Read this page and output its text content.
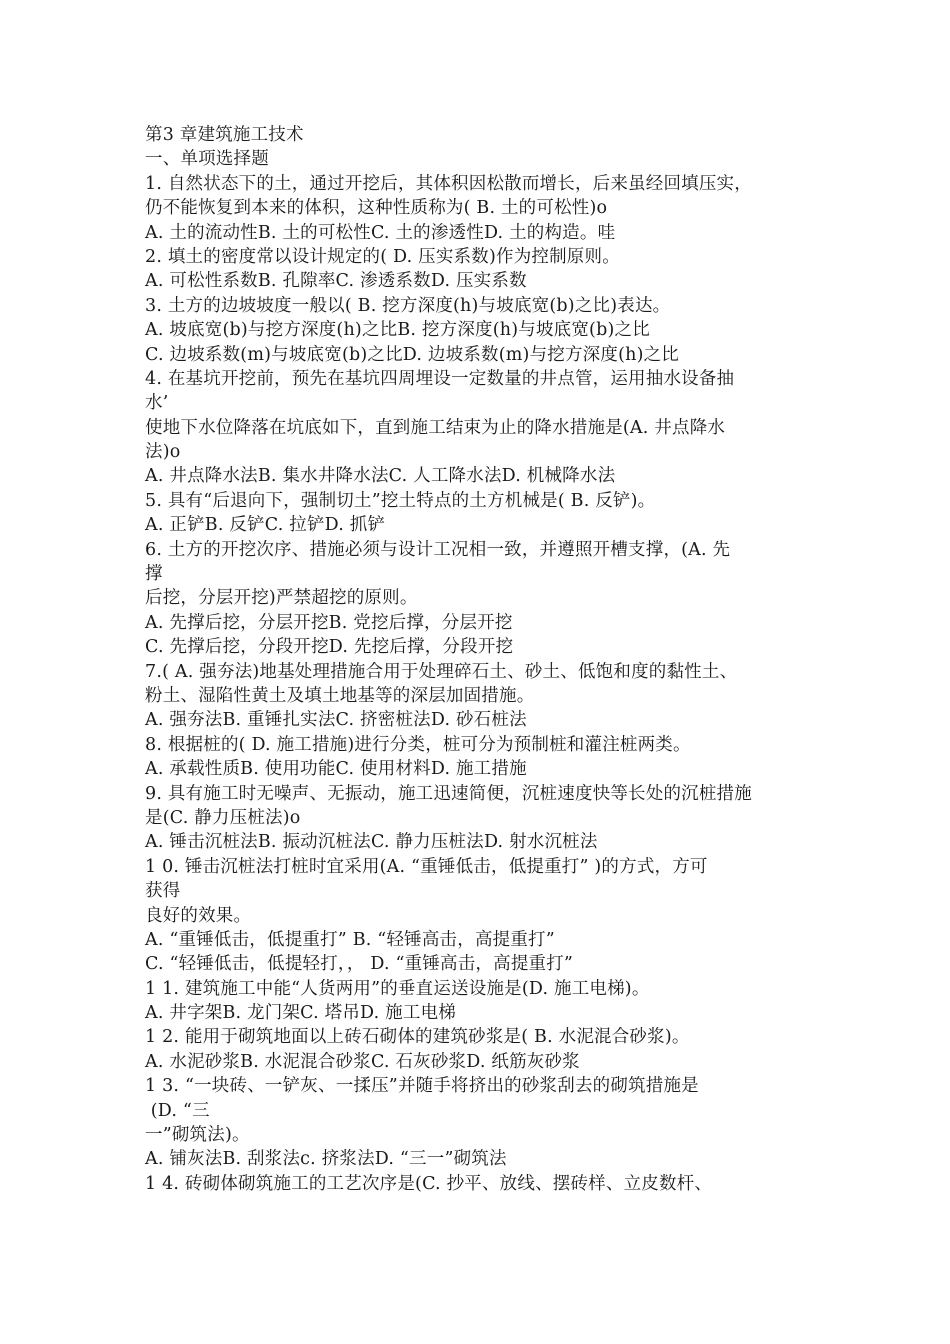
第3 章建筑施工技术
一、单项选择题
1. 自然状态下的土，通过开挖后，其体积因松散而增长，后来虽经回填压实，
仍不能恢复到本来的体积，这种性质称为( B. 土的可松性)o
A. 土的流动性B. 土的可松性C. 土的渗透性D. 土的构造。哇
2. 填土的密度常以设计规定的( D. 压实系数)作为控制原则。
A. 可松性系数B. 孔隙率C. 渗透系数D. 压实系数
3. 土方的边坡坡度一般以( B. 挖方深度(h)与坡底宽(b)之比)表达。
A. 坡底宽(b)与挖方深度(h)之比B. 挖方深度(h)与坡底宽(b)之比
C. 边坡系数(m)与坡底宽(b)之比D. 边坡系数(m)与挖方深度(h)之比
4. 在基坑开挖前，预先在基坑四周埋设一定数量的井点管，运用抽水设备抽
水’
使地下水位降落在坑底如下，直到施工结束为止的降水措施是(A. 井点降水
法)o
A. 井点降水法B. 集水井降水法C. 人工降水法D. 机械降水法
5. 具有“后退向下，强制切土”挖土特点的土方机械是( B. 反铲)。
A. 正铲B. 反铲C. 拉铲D. 抓铲
6. 土方的开挖次序、措施必须与设计工况相一致，并遵照开槽支撑，(A. 先
撑
后挖，分层开挖)严禁超挖的原则。
A. 先撑后挖，分层开挖B. 党挖后撑，分层开挖
C. 先撑后挖，分段开挖D. 先挖后撑，分段开挖
7.( A. 强夯法)地基处理措施合用于处理碎石土、砂土、低饱和度的黏性土、
粉土、湿陷性黄土及填土地基等的深层加固措施。
A. 强夯法B. 重锤扎实法C. 挤密桩法D. 砂石桩法
8. 根据桩的( D. 施工措施)进行分类，桩可分为预制桩和灌注桩两类。
A. 承载性质B. 使用功能C. 使用材料D. 施工措施
9. 具有施工时无噪声、无振动，施工迅速简便，沉桩速度快等长处的沉桩措施
是(C. 静力压桩法)o
A. 锤击沉桩法B. 振动沉桩法C. 静力压桩法D. 射水沉桩法
1 0. 锤击沉桩法打桩时宜采用(A. “重锤低击，低提重打” )的方式，方可
获得
良好的效果。
A. “重锤低击，低提重打” B. “轻锤高击，高提重打”
C. “轻锤低击，低提轻打，， D. “重锤高击，高提重打”
1 1. 建筑施工中能“人货两用”的垂直运送设施是(D. 施工电梯)。
A. 井字架B. 龙门架C. 塔吊D. 施工电梯
1 2. 能用于砌筑地面以上砖石砌体的建筑砂浆是( B. 水泥混合砂浆)。
A. 水泥砂浆B. 水泥混合砂浆C. 石灰砂浆D. 纸筋灰砂浆
1 3. “一块砖、一铲灰、一揉压”并随手将挤出的砂浆刮去的砌筑措施是
(D. “三
一”砌筑法)。
A. 铺灰法B. 刮浆法c. 挤浆法D. “三一”砌筑法
1 4. 砖砌体砌筑施工的工艺次序是(C. 抄平、放线、摆砖样、立皮数杆、
